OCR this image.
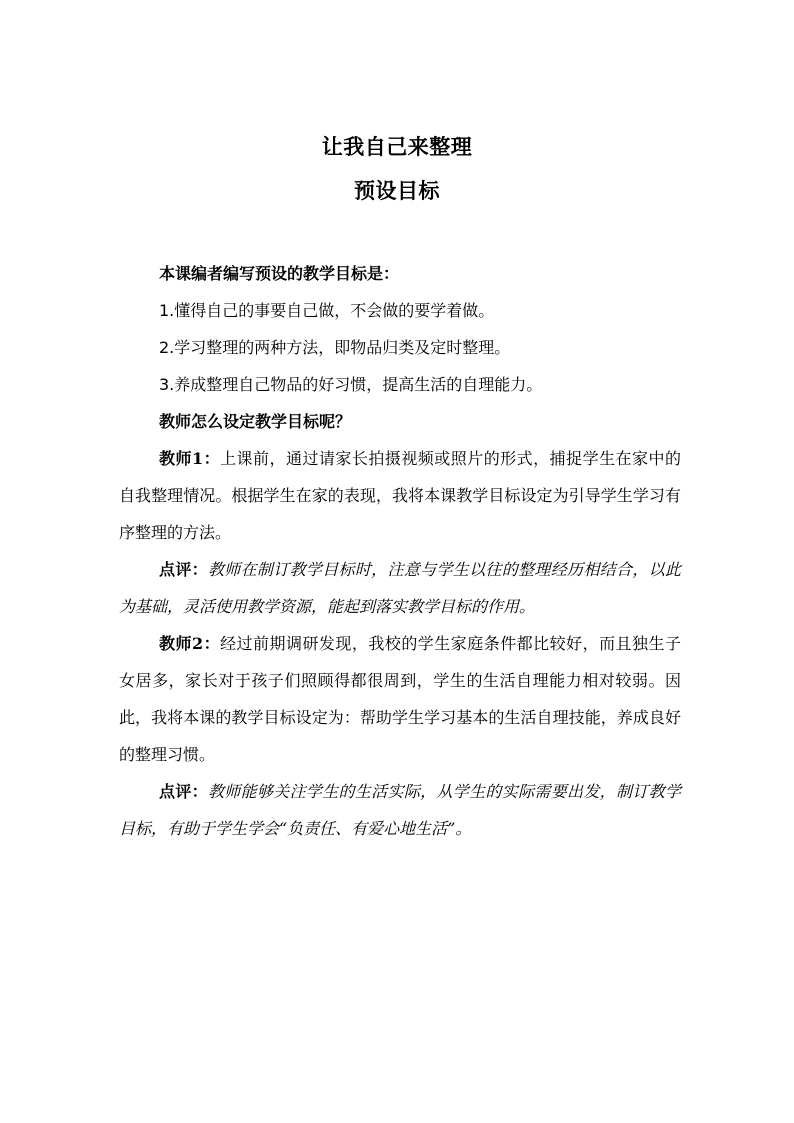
让我自己来整理
预设目标

本课编者编写预设的教学目标是：

1.懂得自己的事要自己做，不会做的要学着做。

2.学习整理的两种方法，即物品归类及定时整理。

3.养成整理自己物品的好习惯，提高生活的自理能力。

教师怎么设定教学目标呢？

教师1：上课前，通过请家长拍摄视频或照片的形式，捕捉学生在家中的自我整理情况。根据学生在家的表现，我将本课教学目标设定为引导学生学习有序整理的方法。

点评：教师在制订教学目标时，注意与学生以往的整理经历相结合，以此为基础，灵活使用教学资源，能起到落实教学目标的作用。

教师2：经过前期调研发现，我校的学生家庭条件都比较好，而且独生子女居多，家长对于孩子们照顾得都很周到，学生的生活自理能力相对较弱。因此，我将本课的教学目标设定为：帮助学生学习基本的生活自理技能，养成良好的整理习惯。

点评：教师能够关注学生的生活实际，从学生的实际需要出发，制订教学目标，有助于学生学会“负责任、有爱心地生活”。
